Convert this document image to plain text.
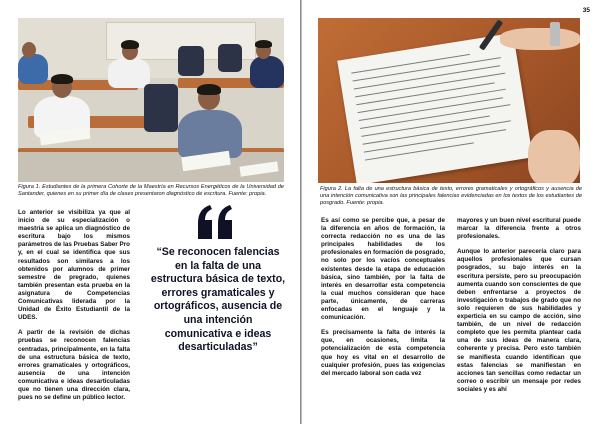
Figura 1. Estudiantes de la primera Cohorte de la Maestría en Recursos Energéticos de la Universidad de Santander, quienes en su primer día de clases presentaron diagnóstico de escritura. Fuente: propia.

Lo anterior se visibiliza ya que al inicio de su especialización o maestría se aplica un diagnóstico de escritura bajo los mismos parámetros de las Pruebas Saber Pro y, en el cual se identifica que sus resultados son similares a los obtenidos por alumnos de primer semestre de pregrado, quienes también presentan esta prueba en la asignatura de Competencias Comunicativas liderada por la Unidad de Éxito Estudiantil de la UDES.

A partir de la revisión de dichas pruebas se reconocen falencias centradas, principalmente, en la falta de una estructura básica de texto, errores gramaticales y ortográficos, ausencia de una intención comunicativa e ideas desarticuladas que no tienen una dirección clara, pues no se define un público lector.

“Se reconocen falencias en la falta de una estructura básica de texto, errores gramaticales y ortográficos, ausencia de una intención comunicativa e ideas desarticuladas”
35
Figura 2. La falta de una estructura básica de texto, errores gramaticales y ortográficos y ausencia de una intención comunicativa son las principales falencias evidenciadas en los textos de los estudiantes de posgrado. Fuente: propia.

Es así como se percibe que, a pesar de la diferencia en años de formación, la correcta redacción no es una de las principales habilidades de los profesionales en formación de posgrado, no solo por los vacíos conceptuales existentes desde la etapa de educación básica, sino también, por la falta de interés en desarrollar esta competencia la cual muchos consideran que hace parte, únicamente, de carreras enfocadas en el lenguaje y la comunicación.

Es precisamente la falta de interés la que, en ocasiones, limita la potencialización de esta competencia que hoy es vital en el desarrollo de cualquier profesión, pues las exigencias del mercado laboral son cada vez

mayores y un buen nivel escritural puede marcar la diferencia frente a otros profesionales.

Aunque lo anterior parecería claro para aquellos profesionales que cursan posgrados, su bajo interés en la escritura persiste, pero su preocupación aumenta cuando son conscientes de que deben enfrentarse a proyectos de investigación o trabajos de grado que no solo requieren de sus habilidades y experticia en su campo de acción, sino también, de un nivel de redacción completo que les permita plantear cada una de sus ideas de manera clara, coherente y precisa. Pero esto también se manifiesta cuando identifican que estas falencias se manifiestan en acciones tan sencillas como redactar un correo o escribir un mensaje por redes sociales y es ahí
